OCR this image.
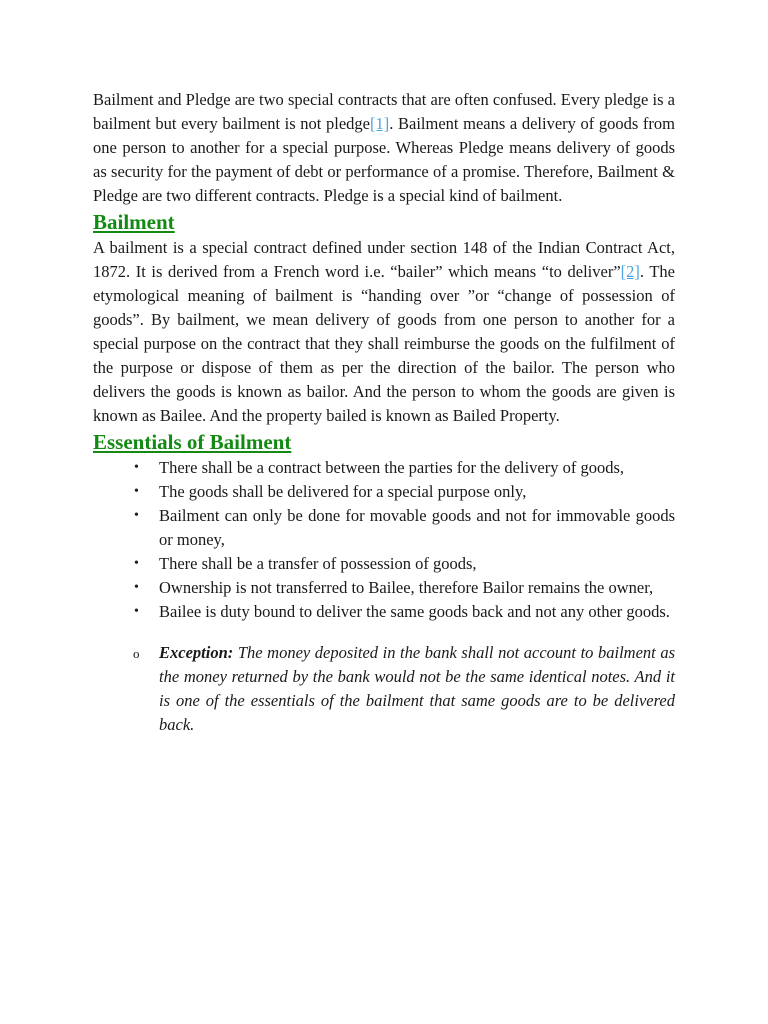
Bailment and Pledge are two special contracts that are often confused. Every pledge is a bailment but every bailment is not pledge[1]. Bailment means a delivery of goods from one person to another for a special purpose. Whereas Pledge means delivery of goods as security for the payment of debt or performance of a promise. Therefore, Bailment & Pledge are two different contracts. Pledge is a special kind of bailment.

Bailment

A bailment is a special contract defined under section 148 of the Indian Contract Act, 1872. It is derived from a French word i.e. “bailer” which means “to deliver”[2]. The etymological meaning of bailment is “handing over ”or “change of possession of goods”. By bailment, we mean delivery of goods from one person to another for a special purpose on the contract that they shall reimburse the goods on the fulfilment of the purpose or dispose of them as per the direction of the bailor. The person who delivers the goods is known as bailor. And the person to whom the goods are given is known as Bailee. And the property bailed is known as Bailed Property.

Essentials of Bailment
• There shall be a contract between the parties for the delivery of goods,
• The goods shall be delivered for a special purpose only,
• Bailment can only be done for movable goods and not for immovable goods or money,
• There shall be a transfer of possession of goods,
• Ownership is not transferred to Bailee, therefore Bailor remains the owner,
• Bailee is duty bound to deliver the same goods back and not any other goods.
o Exception: The money deposited in the bank shall not account to bailment as the money returned by the bank would not be the same identical notes. And it is one of the essentials of the bailment that same goods are to be delivered back.
